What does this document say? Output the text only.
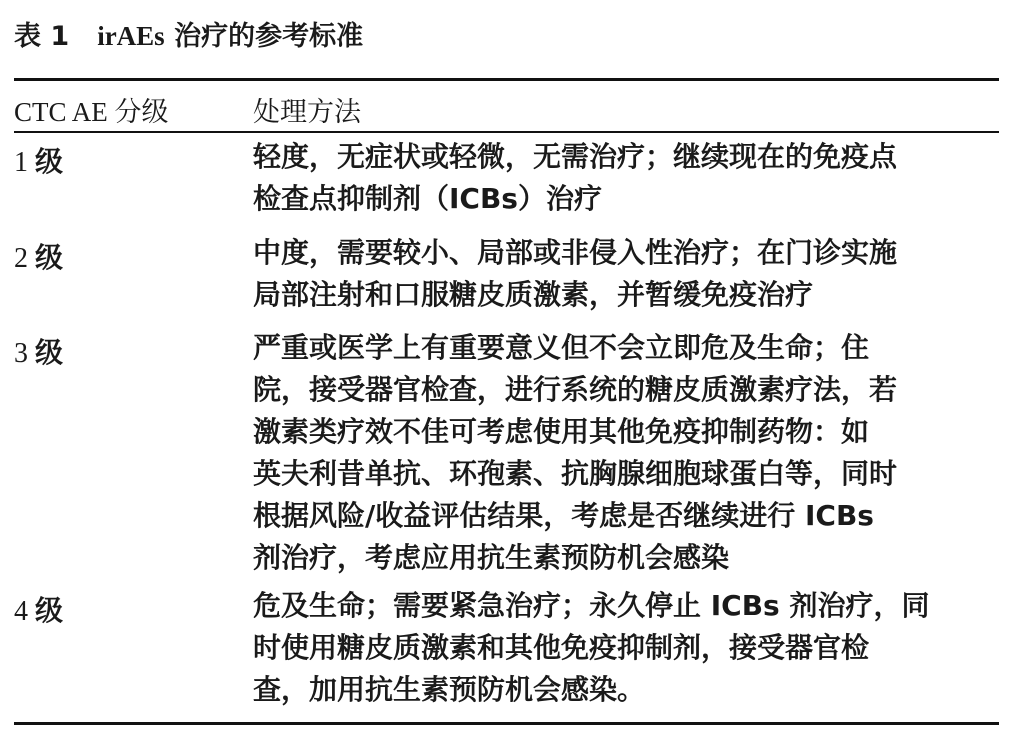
表 1 irAEs 治疗的参考标准
CTC AE 分级	处理方法
1 级	轻度，无症状或轻微，无需治疗；继续现在的免疫点
检查点抑制剂（ICBs）治疗
2 级	中度，需要较小、局部或非侵入性治疗；在门诊实施
局部注射和口服糖皮质激素，并暂缓免疫治疗
3 级	严重或医学上有重要意义但不会立即危及生命；住
院，接受器官检查，进行系统的糖皮质激素疗法，若
激素类疗效不佳可考虑使用其他免疫抑制药物：如
英夫利昔单抗、环孢素、抗胸腺细胞球蛋白等，同时
根据风险/收益评估结果，考虑是否继续进行 ICBs
剂治疗，考虑应用抗生素预防机会感染
4 级	危及生命；需要紧急治疗；永久停止 ICBs 剂治疗，同
时使用糖皮质激素和其他免疫抑制剂，接受器官检
查，加用抗生素预防机会感染。
